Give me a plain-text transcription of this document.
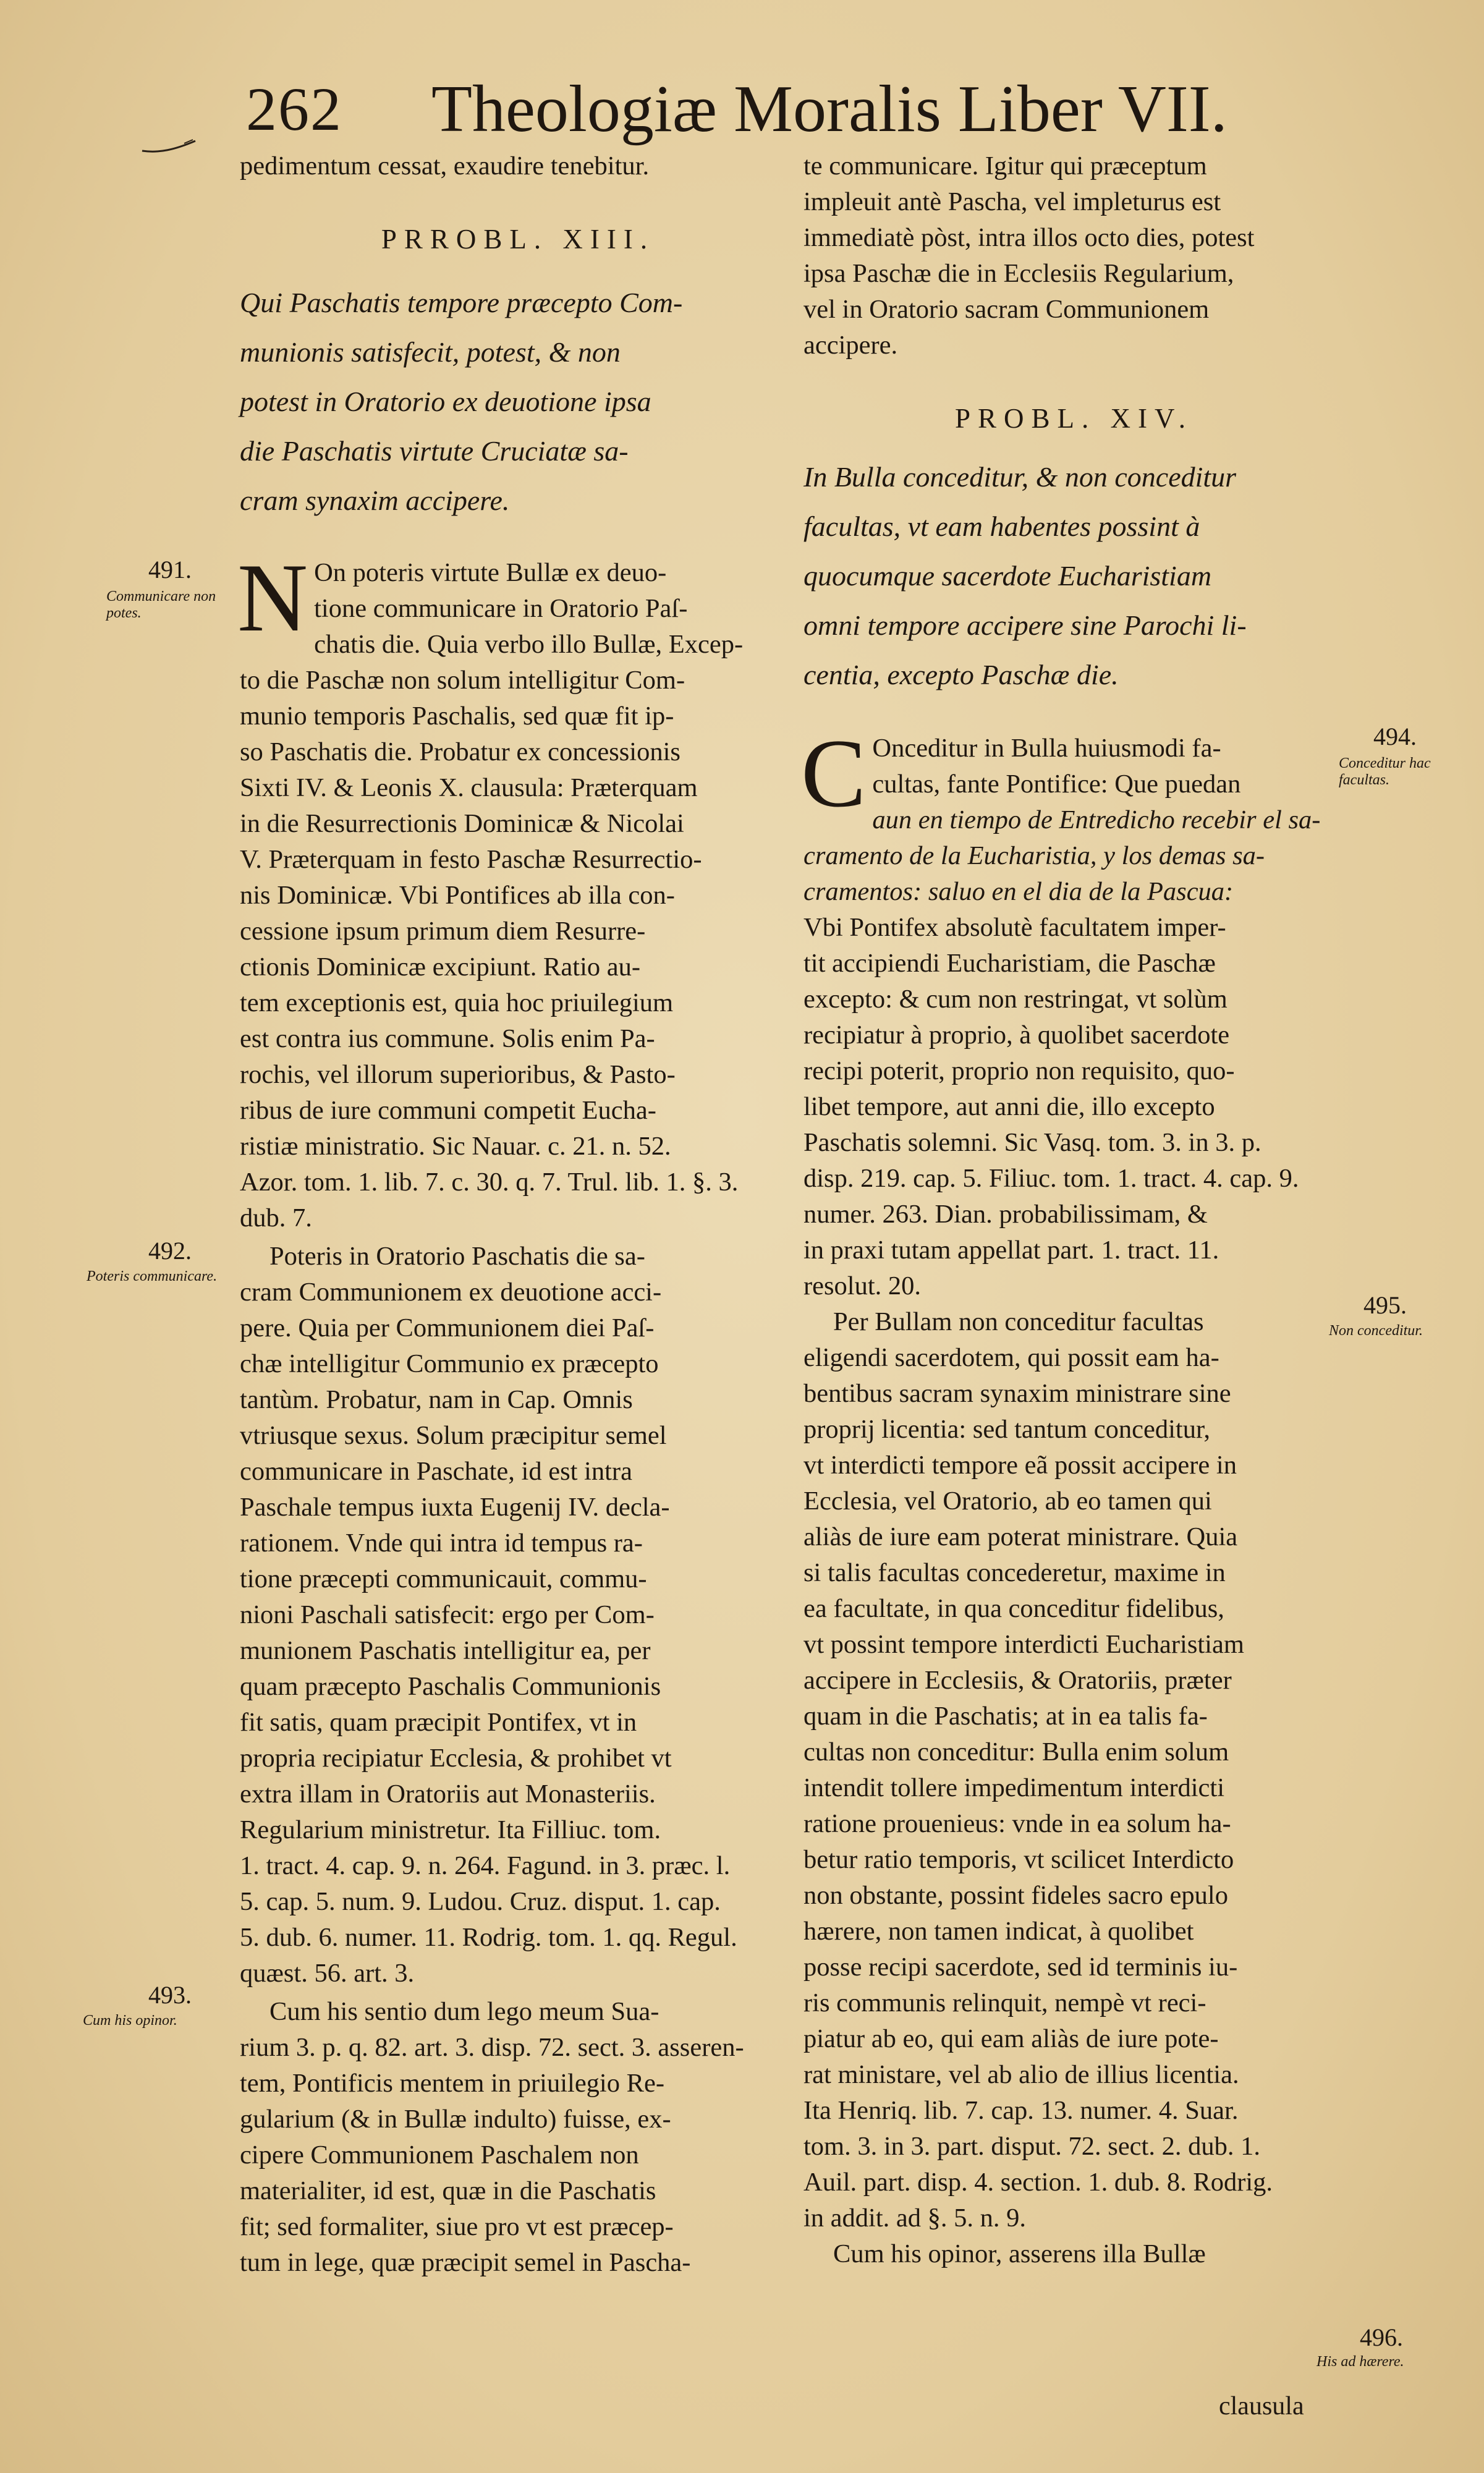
262 Theologiæ Moralis Liber VII.

pedimentum cessat, exaudire tenebitur.

PRROBL. XIII.
Qui Paschatis tempore præcepto Com-
munionis satisfecit, potest, & non
potest in Oratorio ex deuotione ipsa
die Paschatis virtute Cruciatæ sa-
cram synaxim accipere.
N On poteris virtute Bullæ ex deuo-
tione communicare in Oratorio Paſ-
chatis die. Quia verbo illo Bullæ, Excep-
to die Paschæ non solum intelligitur Com-
munio temporis Paschalis, sed quæ fit ip-
so Paschatis die. Probatur ex concessionis
Sixti IV. & Leonis X. clausula: Præterquam
in die Resurrectionis Dominicæ & Nicolai
V. Præterquam in festo Paschæ Resurrectio-
nis Dominicæ. Vbi Pontifices ab illa con-
cessione ipsum primum diem Resurre-
ctionis Dominicæ excipiunt. Ratio au-
tem exceptionis est, quia hoc priuilegium
est contra ius commune. Solis enim Pa-
rochis, vel illorum superioribus, & Pasto-
ribus de iure communi competit Eucha-
ristiæ ministratio. Sic Nauar. c. 21. n. 52.
Azor. tom. 1. lib. 7. c. 30. q. 7. Trul. lib. 1. §. 3.
dub. 7.
Poteris in Oratorio Paschatis die sa-
cram Communionem ex deuotione acci-
pere. Quia per Communionem diei Paſ-
chæ intelligitur Communio ex præcepto
tantùm. Probatur, nam in Cap. Omnis
vtriusque sexus. Solum præcipitur semel
communicare in Paschate, id est intra
Paschale tempus iuxta Eugenij IV. decla-
rationem. Vnde qui intra id tempus ra-
tione præcepti communicauit, commu-
nioni Paschali satisfecit: ergo per Com-
munionem Paschatis intelligitur ea, per
quam præcepto Paschalis Communionis
fit satis, quam præcipit Pontifex, vt in
propria recipiatur Ecclesia, & prohibet vt
extra illam in Oratoriis aut Monasteriis.
Regularium ministretur. Ita Filliuc. tom.
1. tract. 4. cap. 9. n. 264. Fagund. in 3. præc. l.
5. cap. 5. num. 9. Ludou. Cruz. disput. 1. cap.
5. dub. 6. numer. 11. Rodrig. tom. 1. qq. Regul.
quæst. 56. art. 3.
Cum his sentio dum lego meum Sua-
rium 3. p. q. 82. art. 3. disp. 72. sect. 3. asseren-
tem, Pontificis mentem in priuilegio Re-
gularium (& in Bullæ indulto) fuisse, ex-
cipere Communionem Paschalem non
materialiter, id est, quæ in die Paschatis
fit; sed formaliter, siue pro vt est præcep-
tum in lege, quæ præcipit semel in Pascha-
491.
Communicare non potes.
492.
Poteris communicare.
493.
Cum his opinor.
te communicare. Igitur qui præceptum
impleuit antè Pascha, vel impleturus est
immediatè pòst, intra illos octo dies, potest
ipsa Paschæ die in Ecclesiis Regularium,
vel in Oratorio sacram Communionem
accipere.
PROBL. XIV.
In Bulla conceditur, & non conceditur
facultas, vt eam habentes possint à
quocumque sacerdote Eucharistiam
omni tempore accipere sine Parochi li-
centia, excepto Paschæ die.
C Onceditur in Bulla huiusmodi fa-
cultas, fante Pontifice: Que puedan
aun en tiempo de Entredicho recebir el sa-
cramento de la Eucharistia, y los demas sa-
cramentos: saluo en el dia de la Pascua:
Vbi Pontifex absolutè facultatem imper-
tit accipiendi Eucharistiam, die Paschæ
excepto: & cum non restringat, vt solùm
recipiatur à proprio, à quolibet sacerdote
recipi poterit, proprio non requisito, quo-
libet tempore, aut anni die, illo excepto
Paschatis solemni. Sic Vasq. tom. 3. in 3. p.
disp. 219. cap. 5. Filiuc. tom. 1. tract. 4. cap. 9.
numer. 263. Dian. probabilissimam, &
in praxi tutam appellat part. 1. tract. 11.
resolut. 20.
Per Bullam non conceditur facultas
eligendi sacerdotem, qui possit eam ha-
bentibus sacram synaxim ministrare sine
proprij licentia: sed tantum conceditur,
vt interdicti tempore eã possit accipere in
Ecclesia, vel Oratorio, ab eo tamen qui
aliàs de iure eam poterat ministrare. Quia
si talis facultas concederetur, maxime in
ea facultate, in qua conceditur fidelibus,
vt possint tempore interdicti Eucharistiam
accipere in Ecclesiis, & Oratoriis, præter
quam in die Paschatis; at in ea talis fa-
cultas non conceditur: Bulla enim solum
intendit tollere impedimentum interdicti
ratione prouenieus: vnde in ea solum ha-
betur ratio temporis, vt scilicet Interdicto
non obstante, possint fideles sacro epulo
hærere, non tamen indicat, à quolibet
posse recipi sacerdote, sed id terminis iu-
ris communis relinquit, nempè vt reci-
piatur ab eo, qui eam aliàs de iure pote-
rat ministare, vel ab alio de illius licentia.
Ita Henriq. lib. 7. cap. 13. numer. 4. Suar.
tom. 3. in 3. part. disput. 72. sect. 2. dub. 1.
Auil. part. disp. 4. section. 1. dub. 8. Rodrig.
in addit. ad §. 5. n. 9.
Cum his opinor, asserens illa Bullæ
494.
Conceditur hac facultas.
495.
Non conceditur.
496.
His ad hærere.
clausula
